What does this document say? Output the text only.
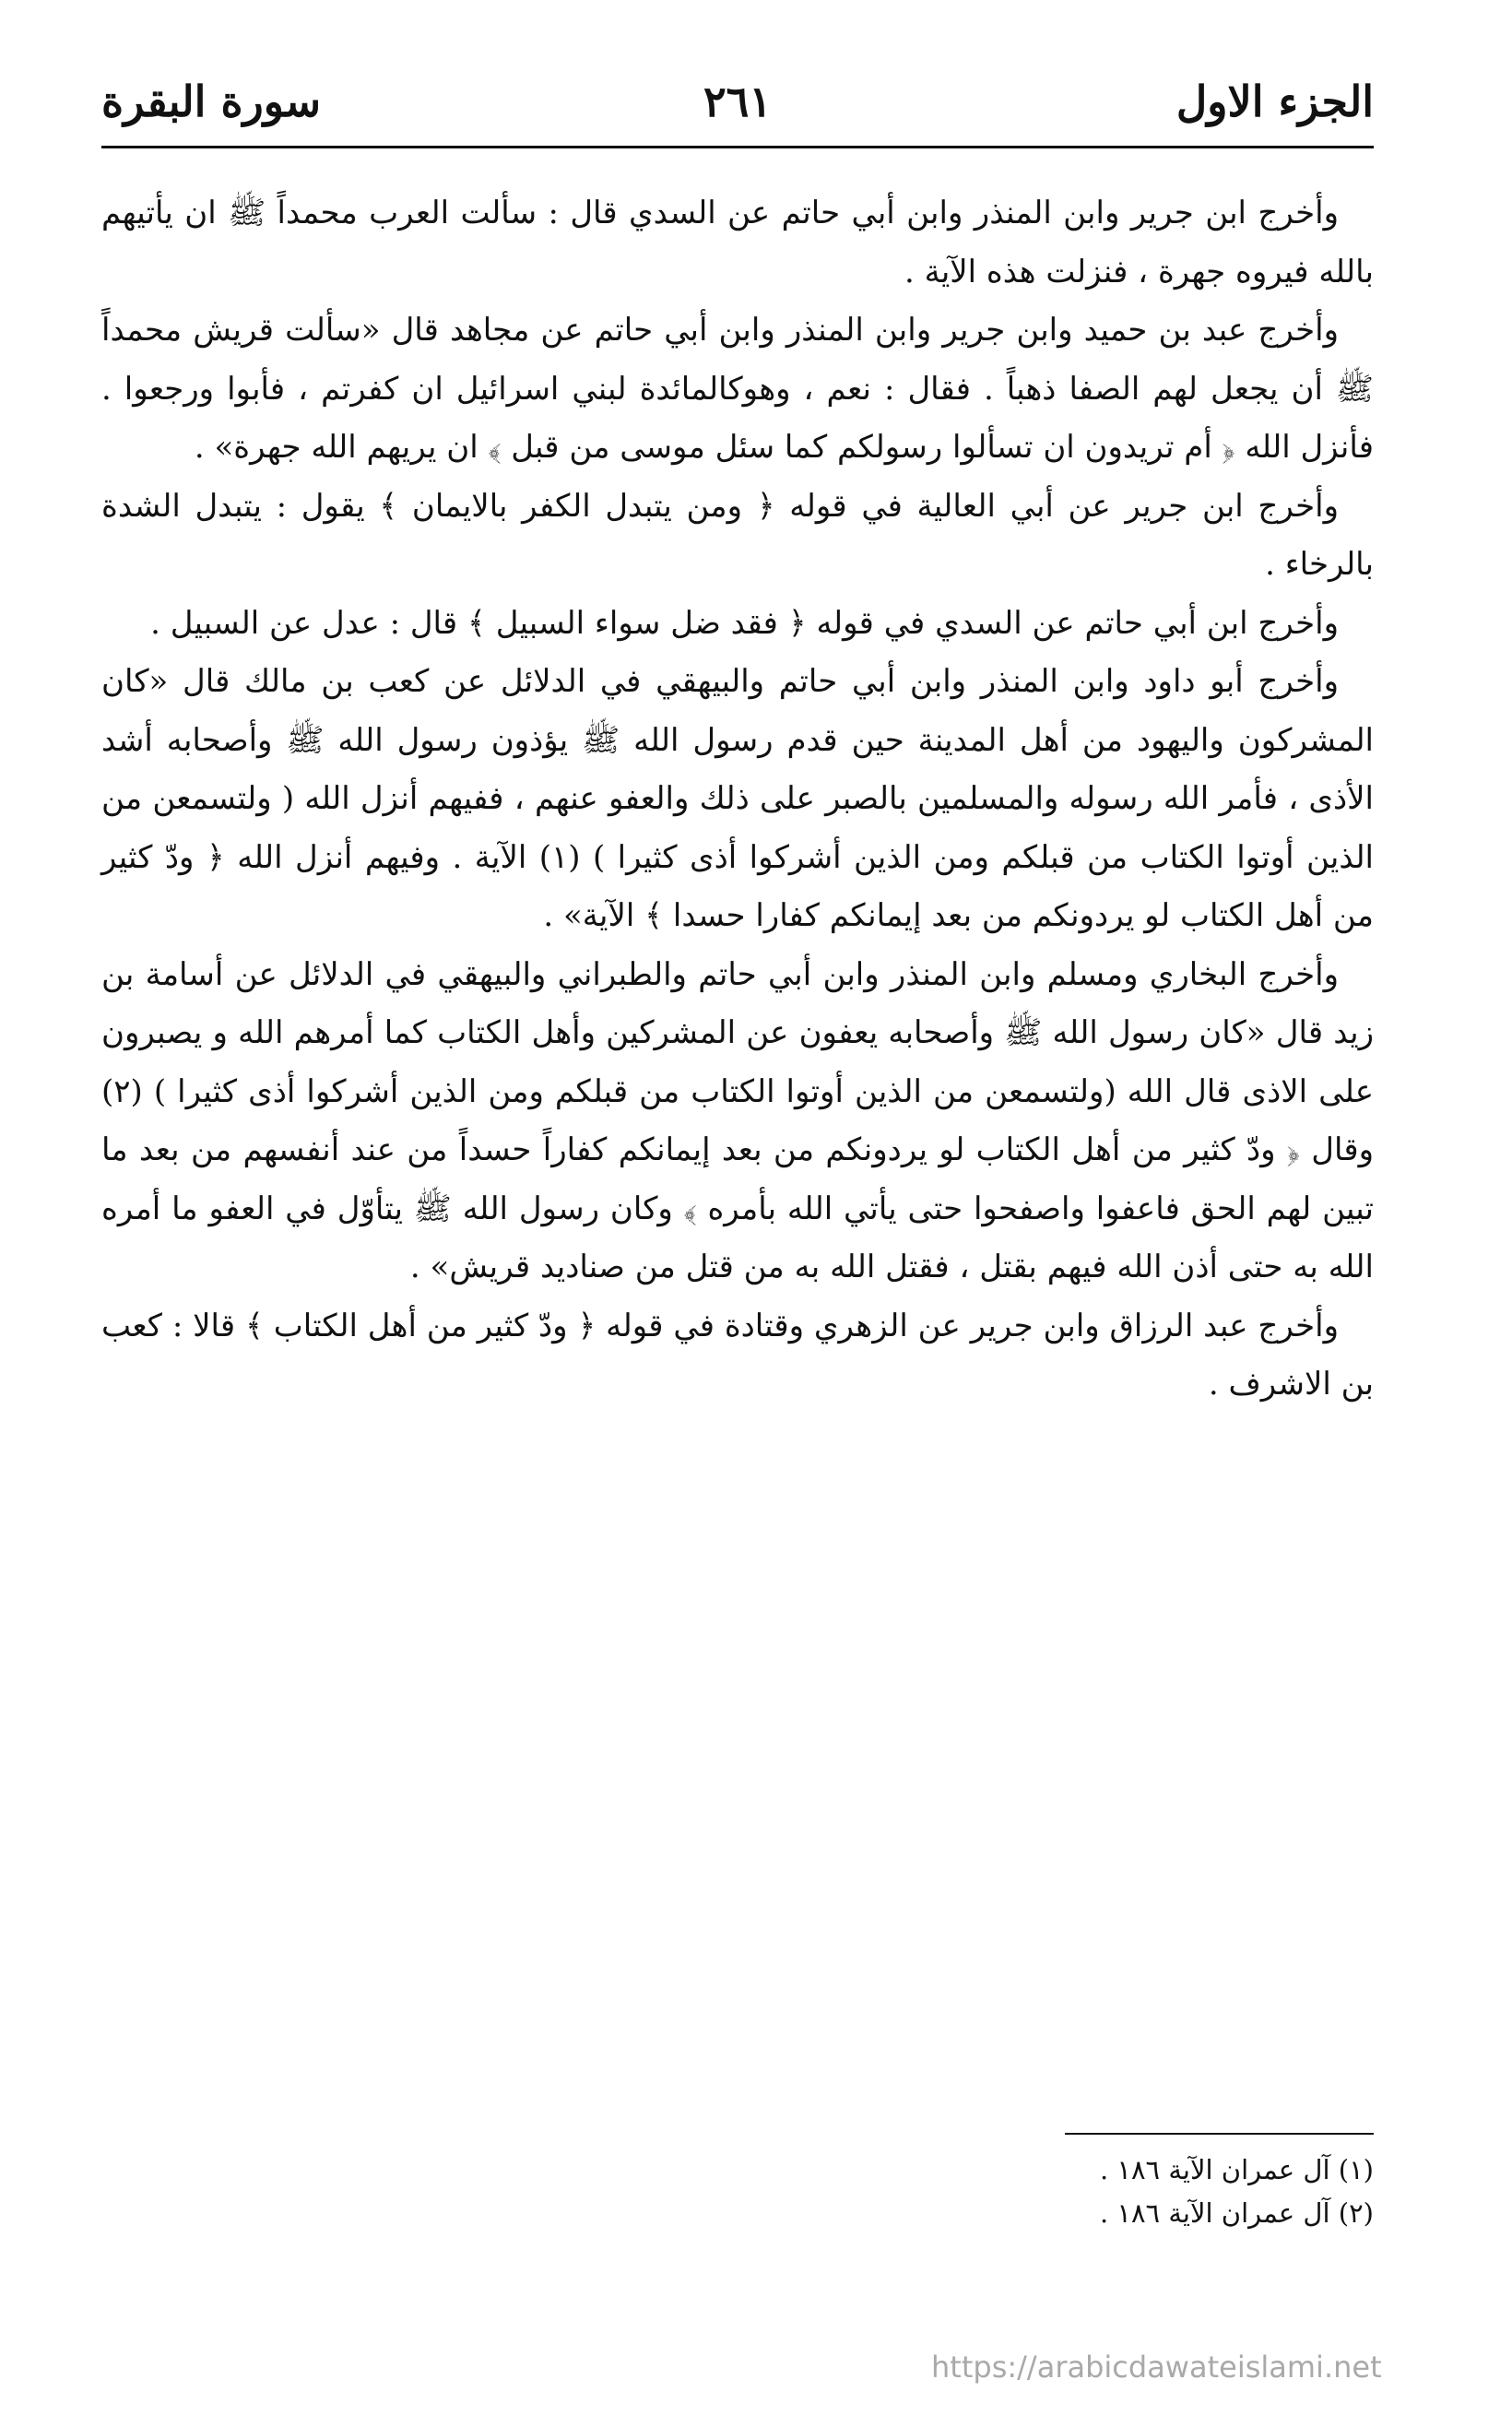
الجزء الاول
٢٦١
سورة البقرة

وأخرج ابن جرير وابن المنذر وابن أبي حاتم عن السدي قال : سألت العرب محمداً ﷺ ان يأتيهم بالله فيروه جهرة ، فنزلت هذه الآية .

وأخرج عبد بن حميد وابن جرير وابن المنذر وابن أبي حاتم عن مجاهد قال «سألت قريش محمداً ﷺ أن يجعل لهم الصفا ذهباً . فقال : نعم ، وهوكالمائدة لبني اسرائيل ان كفرتم ، فأبوا ورجعوا . فأنزل الله ﴿ أم تريدون ان تسألوا رسولكم كما سئل موسى من قبل ﴾ ان يريهم الله جهرة» .

وأخرج ابن جرير عن أبي العالية في قوله ﴿ ومن يتبدل الكفر بالايمان ﴾ يقول : يتبدل الشدة بالرخاء .

وأخرج ابن أبي حاتم عن السدي في قوله ﴿ فقد ضل سواء السبيل ﴾ قال : عدل عن السبيل .

وأخرج أبو داود وابن المنذر وابن أبي حاتم والبيهقي في الدلائل عن كعب بن مالك قال «كان المشركون واليهود من أهل المدينة حين قدم رسول الله ﷺ يؤذون رسول الله ﷺ وأصحابه أشد الأذى ، فأمر الله رسوله والمسلمين بالصبر على ذلك والعفو عنهم ، ففيهم أنزل الله ( ولتسمعن من الذين أوتوا الكتاب من قبلكم ومن الذين أشركوا أذى كثيرا ) (١) الآية . وفيهم أنزل الله ﴿ ودّ كثير من أهل الكتاب لو يردونكم من بعد إيمانكم كفارا حسدا ﴾ الآية» .

وأخرج البخاري ومسلم وابن المنذر وابن أبي حاتم والطبراني والبيهقي في الدلائل عن أسامة بن زيد قال «كان رسول الله ﷺ وأصحابه يعفون عن المشركين وأهل الكتاب كما أمرهم الله و يصبرون على الاذى قال الله (ولتسمعن من الذين أوتوا الكتاب من قبلكم ومن الذين أشركوا أذى كثيرا ) (٢) وقال ﴿ ودّ كثير من أهل الكتاب لو يردونكم من بعد إيمانكم كفاراً حسداً من عند أنفسهم من بعد ما تبين لهم الحق فاعفوا واصفحوا حتى يأتي الله بأمره ﴾ وكان رسول الله ﷺ يتأوّل في العفو ما أمره الله به حتى أذن الله فيهم بقتل ، فقتل الله به من قتل من صناديد قريش» .

وأخرج عبد الرزاق وابن جرير عن الزهري وقتادة في قوله ﴿ ودّ كثير من أهل الكتاب ﴾ قالا : كعب بن الاشرف .

(١) آل عمران الآية ١٨٦ .
(٢) آل عمران الآية ١٨٦ .
https://arabicdawateislami.net
